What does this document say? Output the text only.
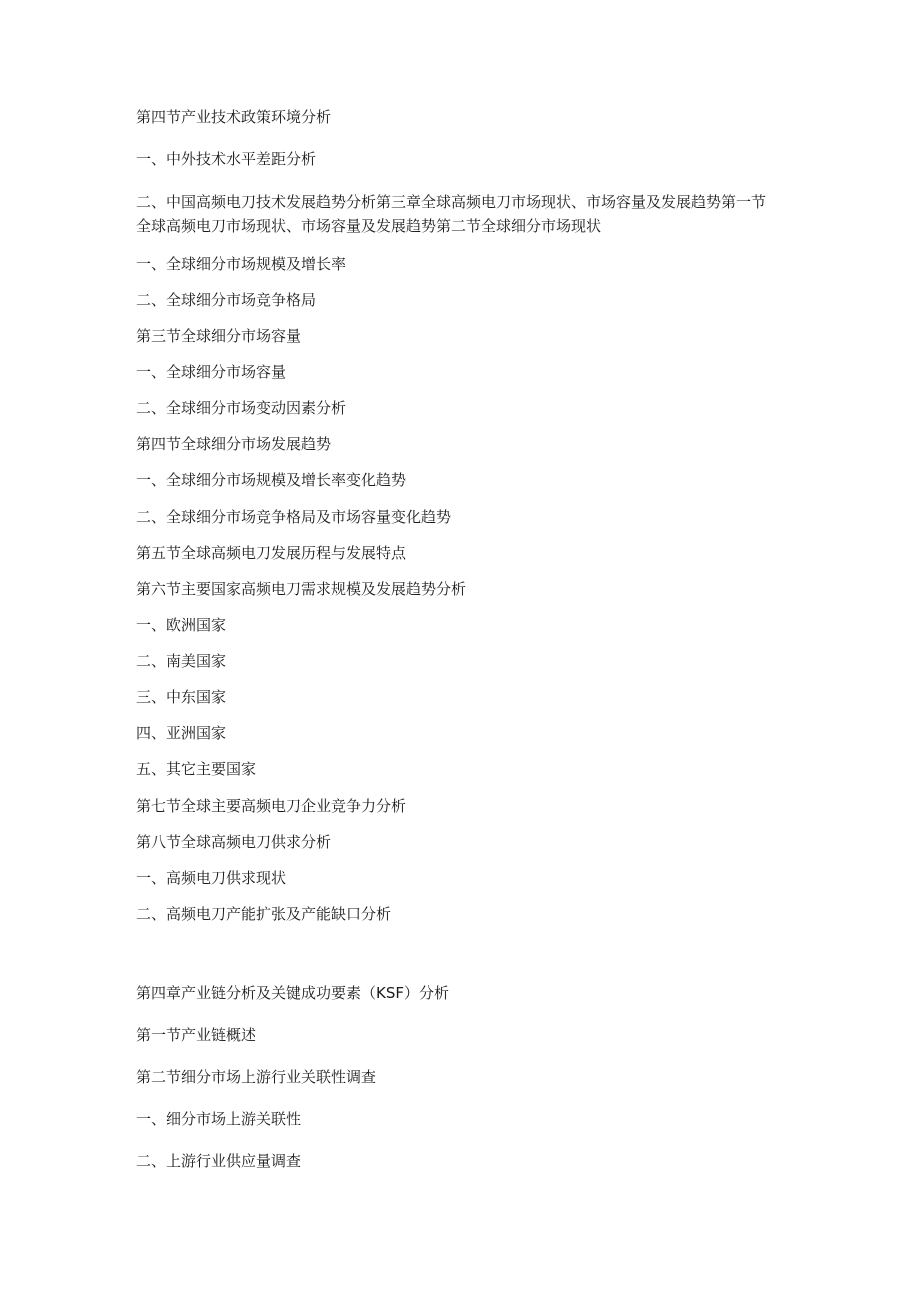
第四节产业技术政策环境分析

一、中外技术水平差距分析

二、中国高频电刀技术发展趋势分析第三章全球高频电刀市场现状、市场容量及发展趋势第一节全球高频电刀市场现状、市场容量及发展趋势第二节全球细分市场现状

一、全球细分市场规模及增长率

二、全球细分市场竞争格局

第三节全球细分市场容量

一、全球细分市场容量

二、全球细分市场变动因素分析

第四节全球细分市场发展趋势

一、全球细分市场规模及增长率变化趋势

二、全球细分市场竞争格局及市场容量变化趋势

第五节全球高频电刀发展历程与发展特点

第六节主要国家高频电刀需求规模及发展趋势分析

一、欧洲国家

二、南美国家

三、中东国家

四、亚洲国家

五、其它主要国家

第七节全球主要高频电刀企业竞争力分析

第八节全球高频电刀供求分析

一、高频电刀供求现状

二、高频电刀产能扩张及产能缺口分析

第四章产业链分析及关键成功要素（KSF）分析

第一节产业链概述

第二节细分市场上游行业关联性调查

一、细分市场上游关联性

二、上游行业供应量调查
